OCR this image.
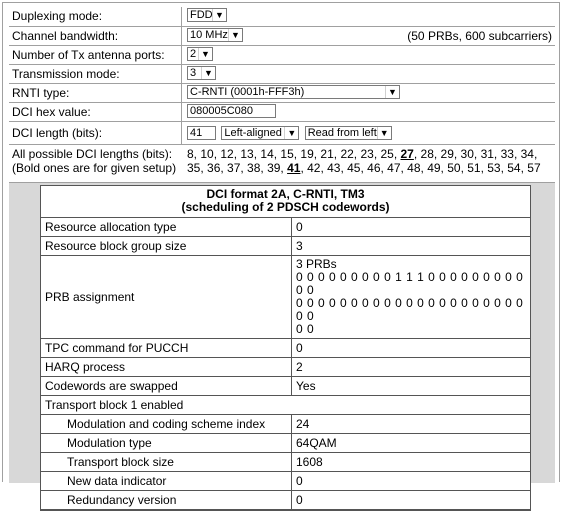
Duplexing mode:	FDD ▼
Channel bandwidth:	10 MHz ▼	(50 PRBs, 600 subcarriers)
Number of Tx antenna ports: 2 ▼
Transmission mode:	3 ▼
RNTI type:	C-RNTI (0001h-FFF3h)	▼
DCI hex value:	080005C080
DCI length (bits):	41 Left-aligned ▼ Read from left ▼
All possible DCI lengths (bits):
(Bold ones are for given setup)
8, 10, 12, 13, 14, 15, 19, 21, 22, 23, 25, 27, 28, 29, 30, 31, 33, 34,
35, 36, 37, 38, 39, 41, 42, 43, 45, 46, 47, 48, 49, 50, 51, 53, 54, 57
DCI format 2A, C-RNTI, TM3
(scheduling of 2 PDSCH codewords)
Resource allocation type	0
Resource block group size	3
PRB assignment	3 PRBs
0 0 0 0 0 0 0 0 0 1 1 1 0 0 0 0 0 0 0 0 0 0 0
0 0 0 0 0 0 0 0 0 0 0 0 0 0 0 0 0 0 0 0 0 0 0
0 0

TPC command for PUCCH	0
HARQ process	2
Codewords are swapped	Yes
Transport block 1 enabled	
Modulation and coding scheme index	24
Modulation type	64QAM
Transport block size	1608
New data indicator	0
Redundancy version	0
